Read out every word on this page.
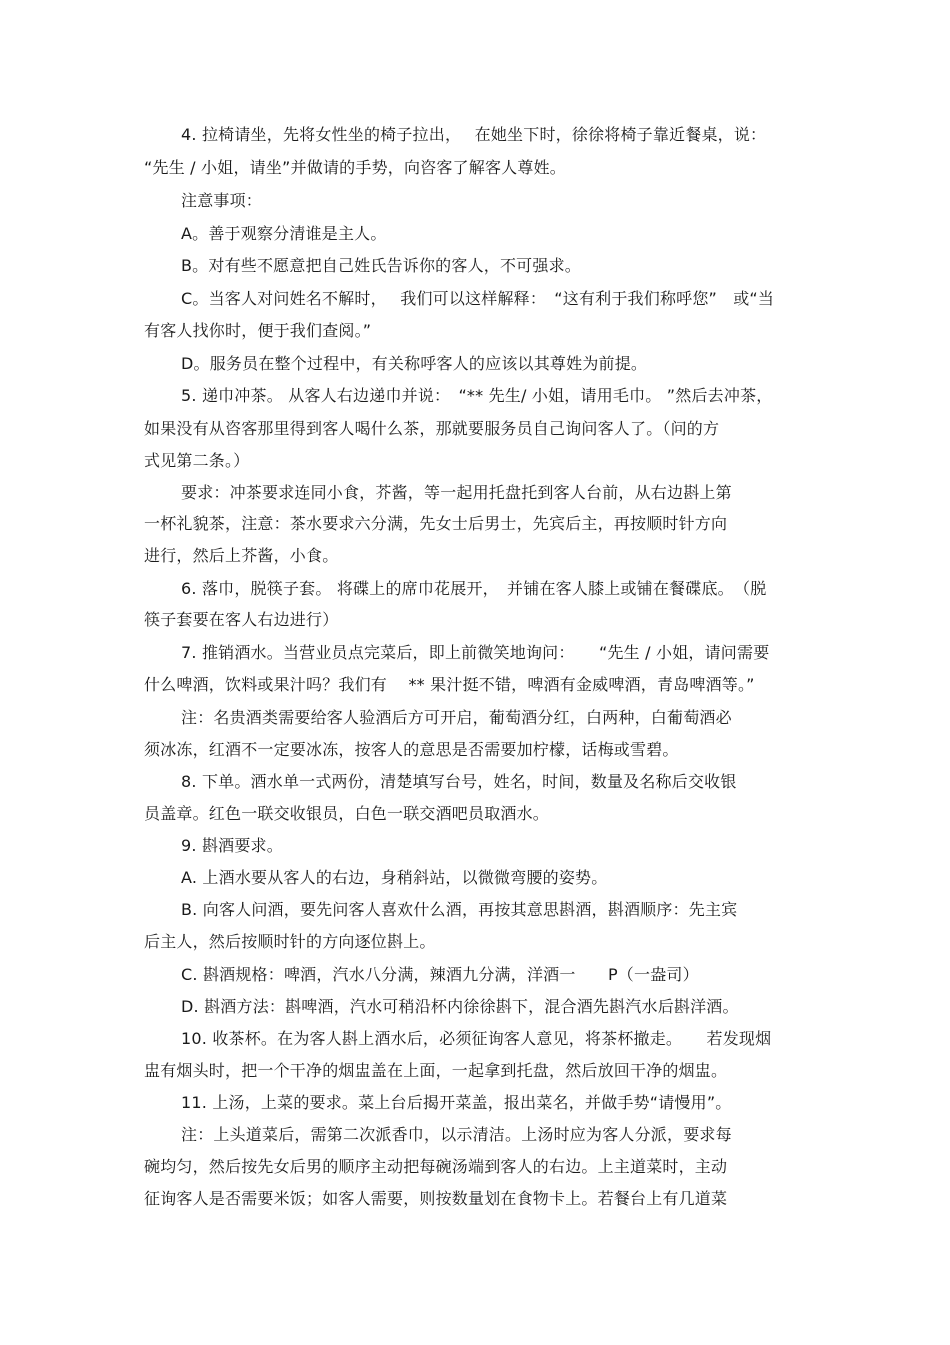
4. 拉椅请坐，先将女性坐的椅子拉出，　 在她坐下时，徐徐将椅子靠近餐桌，说：
“先生 / 小姐，请坐”并做请的手势，向咨客了解客人尊姓。
注意事项：
A。善于观察分清谁是主人。
B。对有些不愿意把自己姓氏告诉你的客人，不可强求。
C。当客人对问姓名不解时，　 我们可以这样解释：　“这有利于我们称呼您”　或“当
有客人找你时，便于我们查阅。”
D。服务员在整个过程中，有关称呼客人的应该以其尊姓为前提。
5. 递巾冲茶。 从客人右边递巾并说：　“** 先生/ 小姐，请用毛巾。 ”然后去冲茶，
如果没有从咨客那里得到客人喝什么茶，那就要服务员自己询问客人了。（问的方
式见第二条。）
要求：冲茶要求连同小食，芥酱，等一起用托盘托到客人台前，从右边斟上第
一杯礼貌茶，注意：茶水要求六分满，先女士后男士，先宾后主，再按顺时针方向
进行，然后上芥酱，小食。
6. 落巾，脱筷子套。 将碟上的席巾花展开，　并铺在客人膝上或铺在餐碟底。　（脱
筷子套要在客人右边进行）
7. 推销酒水。当营业员点完菜后，即上前微笑地询问：　　“先生 / 小姐，请问需要
什么啤酒，饮料或果汁吗？我们有　 ** 果汁挺不错，啤酒有金威啤酒，青岛啤酒等。”
注：名贵酒类需要给客人验酒后方可开启，葡萄酒分红，白两种，白葡萄酒必
须冰冻，红酒不一定要冰冻，按客人的意思是否需要加柠檬，话梅或雪碧。
8. 下单。酒水单一式两份，清楚填写台号，姓名，时间，数量及名称后交收银
员盖章。红色一联交收银员，白色一联交酒吧员取酒水。
9. 斟酒要求。
A. 上酒水要从客人的右边，身稍斜站，以微微弯腰的姿势。
B. 向客人问酒，要先问客人喜欢什么酒，再按其意思斟酒，斟酒顺序：先主宾
后主人，然后按顺时针的方向逐位斟上。
C. 斟酒规格：啤酒，汽水八分满，辣酒九分满，洋酒一　　P（一盎司）
D. 斟酒方法：斟啤酒，汽水可稍沿杯内徐徐斟下，混合酒先斟汽水后斟洋酒。
10. 收茶杯。在为客人斟上酒水后，必须征询客人意见，将茶杯撤走。　　若发现烟
盅有烟头时，把一个干净的烟盅盖在上面，一起拿到托盘，然后放回干净的烟盅。
11. 上汤，上菜的要求。菜上台后揭开菜盖，报出菜名，并做手势“请慢用”。
注：上头道菜后，需第二次派香巾，以示清洁。上汤时应为客人分派，要求每
碗均匀，然后按先女后男的顺序主动把每碗汤端到客人的右边。上主道菜时，主动
征询客人是否需要米饭；如客人需要，则按数量划在食物卡上。若餐台上有几道菜
